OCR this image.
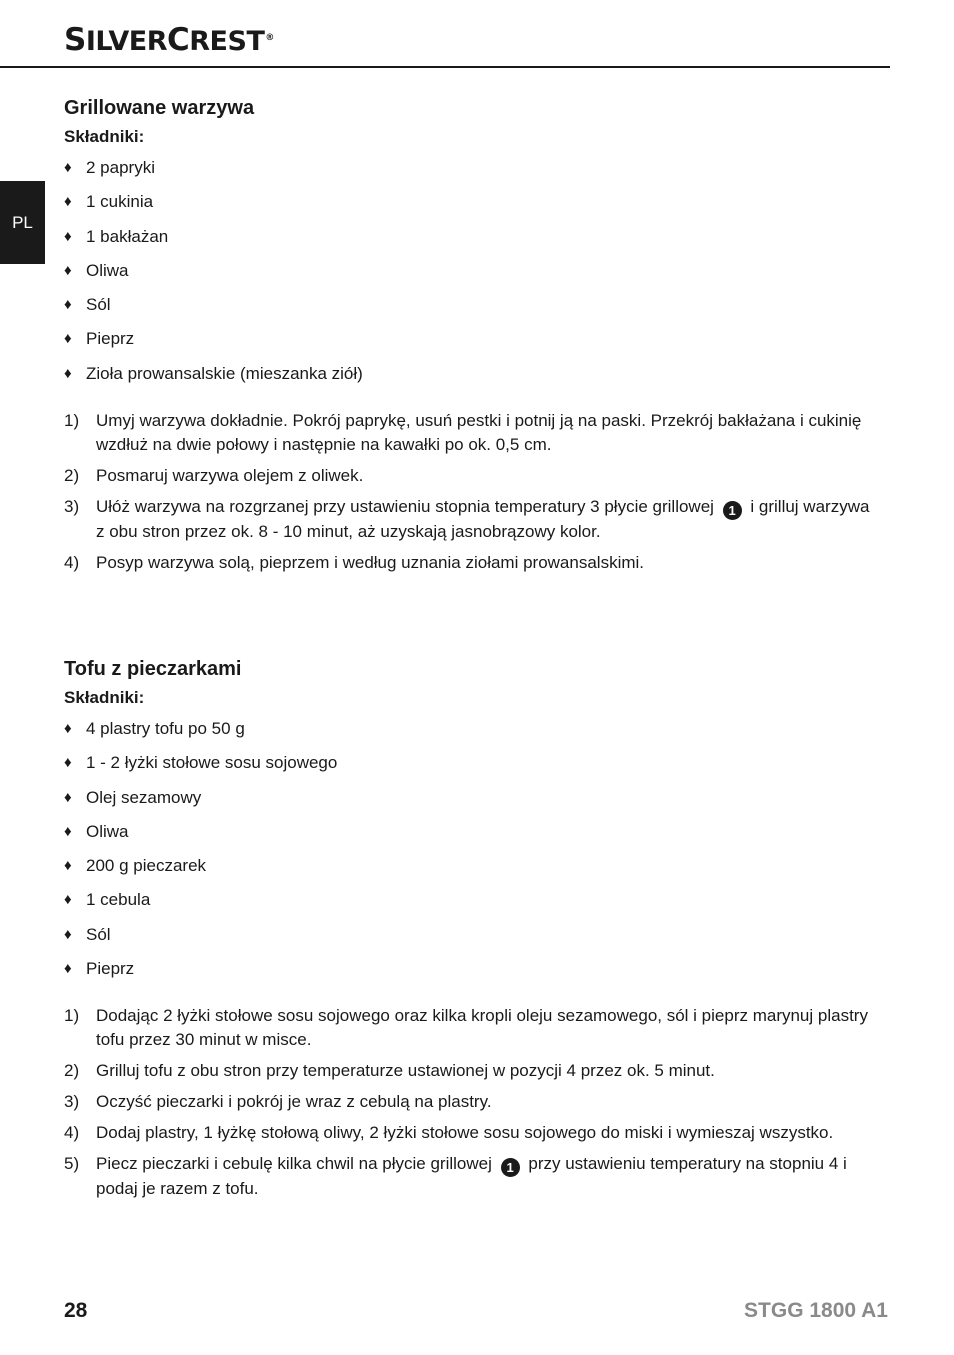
SILVERCREST®
PL
Grillowane warzywa

Składniki:

♦ 2 papryki
♦ 1 cukinia
♦ 1 bakłażan
♦ Oliwa
♦ Sól
♦ Pieprz
♦ Zioła prowansalskie (mieszanka ziół)
1) Umyj warzywa dokładnie. Pokrój paprykę, usuń pestki i potnij ją na paski. Przekrój bakłażana i cukinię wzdłuż na dwie połowy i następnie na kawałki po ok. 0,5 cm.
2) Posmaruj warzywa olejem z oliwek.
3) Ułóż warzywa na rozgrzanej przy ustawieniu stopnia temperatury 3 płycie grillowej 1 i grilluj warzywa z obu stron przez ok. 8 - 10 minut, aż uzyskają jasnobrązowy kolor.
4) Posyp warzywa solą, pieprzem i według uznania ziołami prowansalskimi.
Tofu z pieczarkami

Składniki:

♦ 4 plastry tofu po 50 g
♦ 1 - 2 łyżki stołowe sosu sojowego
♦ Olej sezamowy
♦ Oliwa
♦ 200 g pieczarek
♦ 1 cebula
♦ Sól
♦ Pieprz
1) Dodając 2 łyżki stołowe sosu sojowego oraz kilka kropli oleju sezamowego, sól i pieprz marynuj plastry tofu przez 30 minut w misce.
2) Grilluj tofu z obu stron przy temperaturze ustawionej w pozycji 4 przez ok. 5 minut.
3) Oczyść pieczarki i pokrój je wraz z cebulą na plastry.
4) Dodaj plastry, 1 łyżkę stołową oliwy, 2 łyżki stołowe sosu sojowego do miski i wymieszaj wszystko.
5) Piecz pieczarki i cebulę kilka chwil na płycie grillowej 1 przy ustawieniu temperatury na stopniu 4 i podaj je razem z tofu.
28	STGG 1800 A1
